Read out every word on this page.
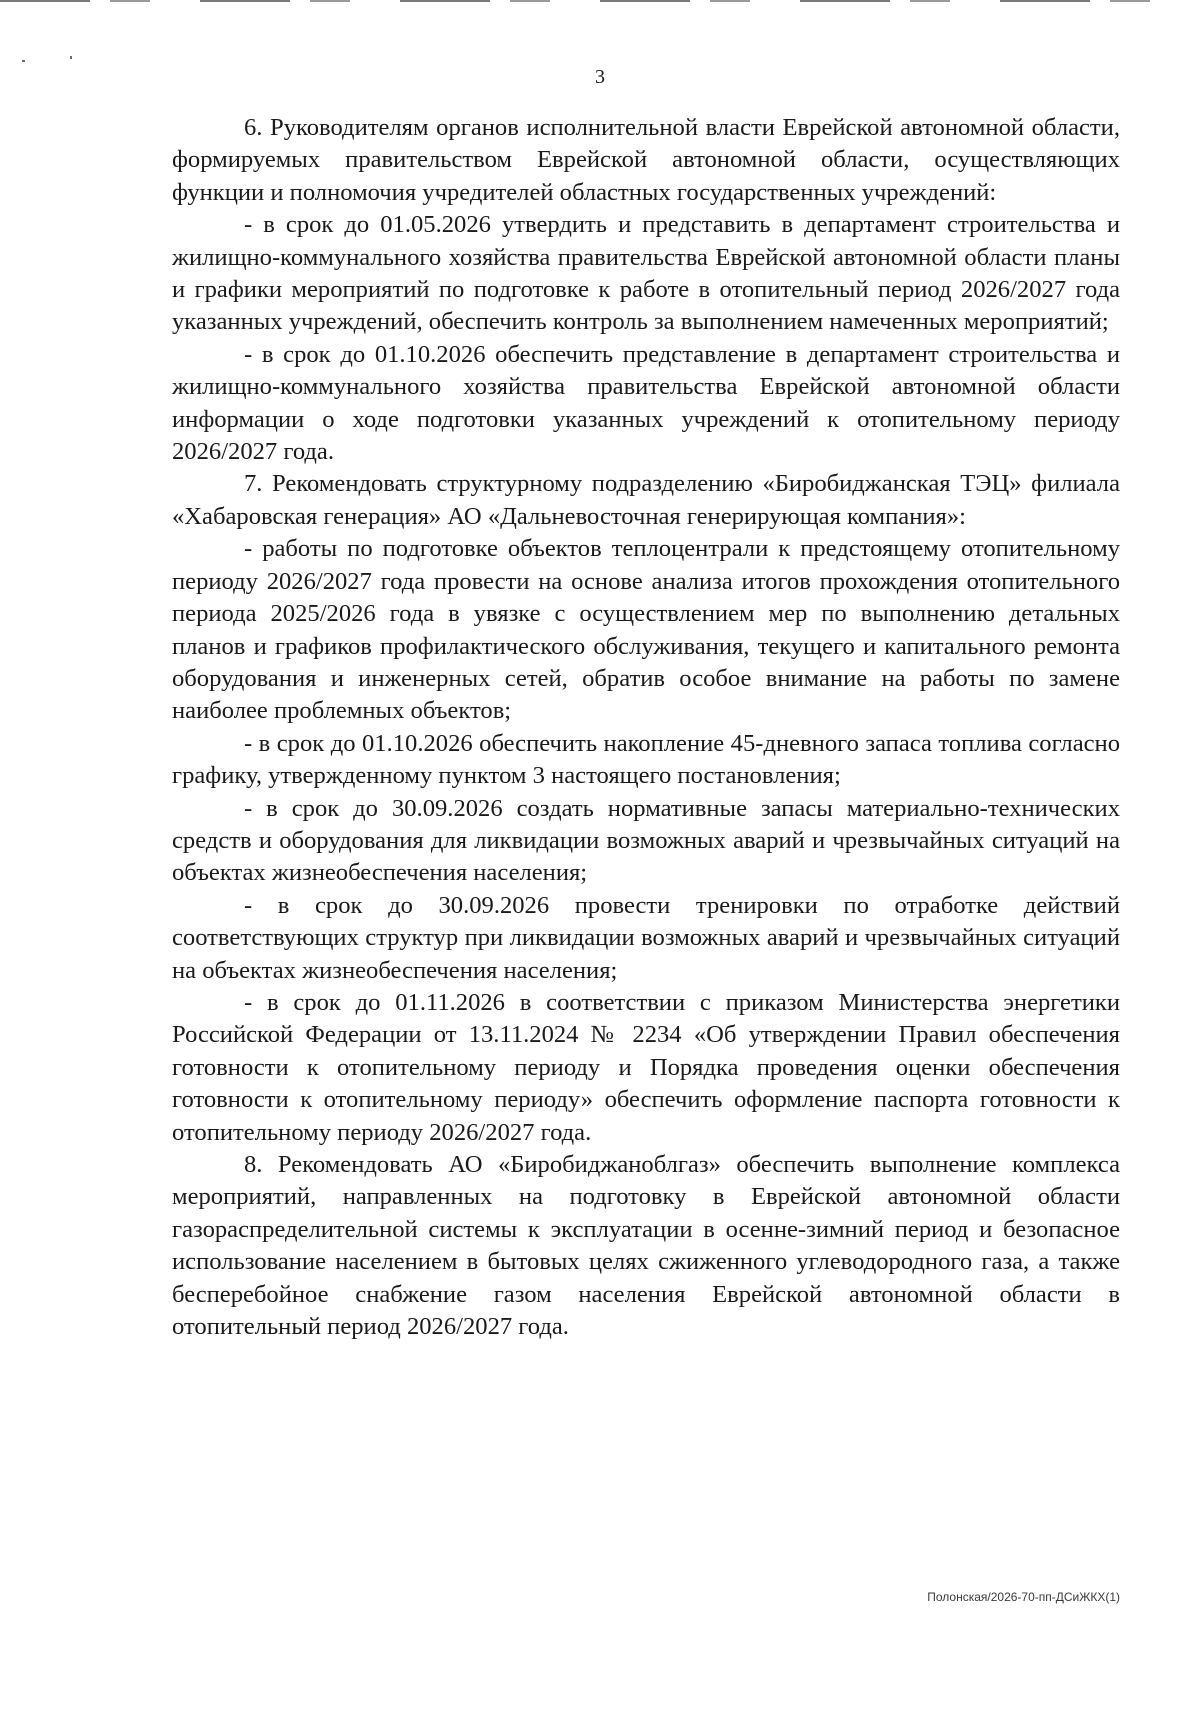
3

6. Руководителям органов исполнительной власти Еврейской автономной области, формируемых правительством Еврейской автономной области, осуществляющих функции и полномочия учредителей областных государственных учреждений:

- в срок до 01.05.2026 утвердить и представить в департамент строительства и жилищно-коммунального хозяйства правительства Еврейской автономной области планы и графики мероприятий по подготовке к работе в отопительный период 2026/2027 года указанных учреждений, обеспечить контроль за выполнением намеченных мероприятий;

- в срок до 01.10.2026 обеспечить представление в департамент строительства и жилищно-коммунального хозяйства правительства Еврейской автономной области информации о ходе подготовки указанных учреждений к отопительному периоду 2026/2027 года.

7. Рекомендовать структурному подразделению «Биробиджанская ТЭЦ» филиала «Хабаровская генерация» АО «Дальневосточная генерирующая компания»:

- работы по подготовке объектов теплоцентрали к предстоящему отопительному периоду 2026/2027 года провести на основе анализа итогов прохождения отопительного периода 2025/2026 года в увязке с осуществлением мер по выполнению детальных планов и графиков профилактического обслуживания, текущего и капитального ремонта оборудования и инженерных сетей, обратив особое внимание на работы по замене наиболее проблемных объектов;

- в срок до 01.10.2026 обеспечить накопление 45-дневного запаса топлива согласно графику, утвержденному пунктом 3 настоящего постановления;

- в срок до 30.09.2026 создать нормативные запасы материально-технических средств и оборудования для ликвидации возможных аварий и чрезвычайных ситуаций на объектах жизнеобеспечения населения;

- в срок до 30.09.2026 провести тренировки по отработке действий соответствующих структур при ликвидации возможных аварий и чрезвычайных ситуаций на объектах жизнеобеспечения населения;

- в срок до 01.11.2026 в соответствии с приказом Министерства энергетики Российской Федерации от 13.11.2024 № 2234 «Об утверждении Правил обеспечения готовности к отопительному периоду и Порядка проведения оценки обеспечения готовности к отопительному периоду» обеспечить оформление паспорта готовности к отопительному периоду 2026/2027 года.

8. Рекомендовать АО «Биробиджаноблгаз» обеспечить выполнение комплекса мероприятий, направленных на подготовку в Еврейской автономной области газораспределительной системы к эксплуатации в осенне-зимний период и безопасное использование населением в бытовых целях сжиженного углеводородного газа, а также бесперебойное снабжение газом населения Еврейской автономной области в отопительный период 2026/2027 года.

Полонская/2026-70-пп-ДСиЖКХ(1)
